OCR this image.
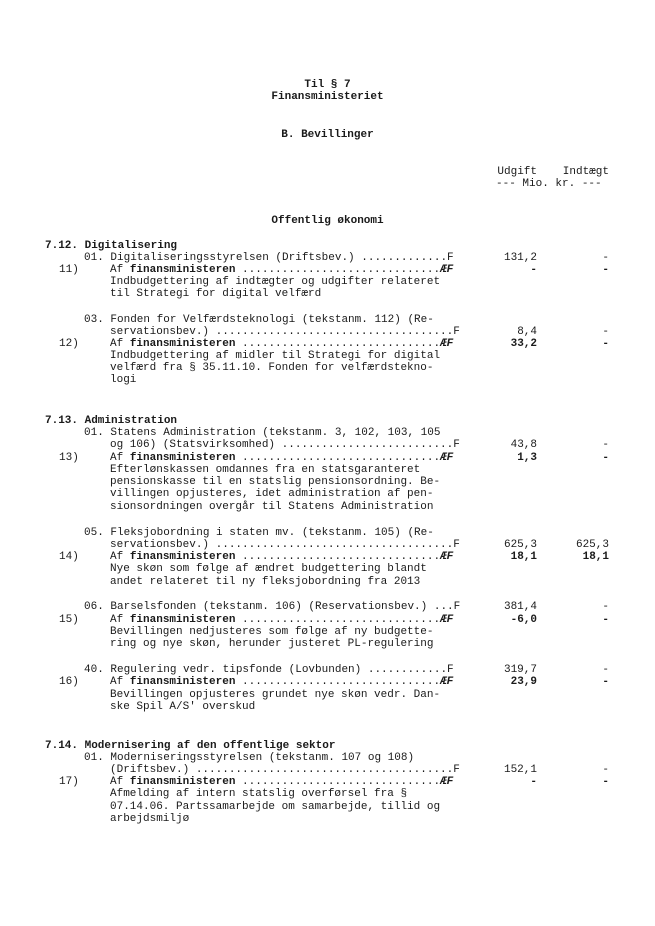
Til § 7
Finansministeriet
B. Bevillinger
Udgift	Indtægt
--- Mio. kr. ---
Offentlig økonomi
7.12. Digitalisering
01. Digitaliseringsstyrelsen (Driftsbev.) .............F	131,2	-
11)	Af finansministeren ..............................ÆF	-	-
Indbudgettering af indtægter og udgifter relateret
til Strategi for digital velfærd
03. Fonden for Velfærdsteknologi (tekstanm. 112) (Re-
servationsbev.) ....................................F	8,4	-
12)	Af finansministeren ..............................ÆF	33,2	-
Indbudgettering af midler til Strategi for digital
velfærd fra § 35.11.10. Fonden for velfærdstekno-
logi
7.13. Administration
01. Statens Administration (tekstanm. 3, 102, 103, 105
og 106) (Statsvirksomhed) ..........................F	43,8	-
13)	Af finansministeren ..............................ÆF	1,3	-
Efterlønskassen omdannes fra en statsgaranteret
pensionskasse til en statslig pensionsordning. Be-
villingen opjusteres, idet administration af pen-
sionsordningen overgår til Statens Administration
05. Fleksjobordning i staten mv. (tekstanm. 105) (Re-
servationsbev.) ....................................F	625,3	625,3
14)	Af finansministeren ..............................ÆF	18,1	18,1
Nye skøn som følge af ændret budgettering blandt
andet relateret til ny fleksjobordning fra 2013
06. Barselsfonden (tekstanm. 106) (Reservationsbev.) ...F	381,4	-
15)	Af finansministeren ..............................ÆF	-6,0	-
Bevillingen nedjusteres som følge af ny budgette-
ring og nye skøn, herunder justeret PL-regulering
40. Regulering vedr. tipsfonde (Lovbunden) ............F	319,7	-
16)	Af finansministeren ..............................ÆF	23,9	-
Bevillingen opjusteres grundet nye skøn vedr. Dan-
ske Spil A/S' overskud
7.14. Modernisering af den offentlige sektor
01. Moderniseringsstyrelsen (tekstanm. 107 og 108)
(Driftsbev.) .......................................F	152,1	-
17)	Af finansministeren ..............................ÆF	-	-
Afmelding af intern statslig overførsel fra §
07.14.06. Partssamarbejde om samarbejde, tillid og
arbejdsmiljø
